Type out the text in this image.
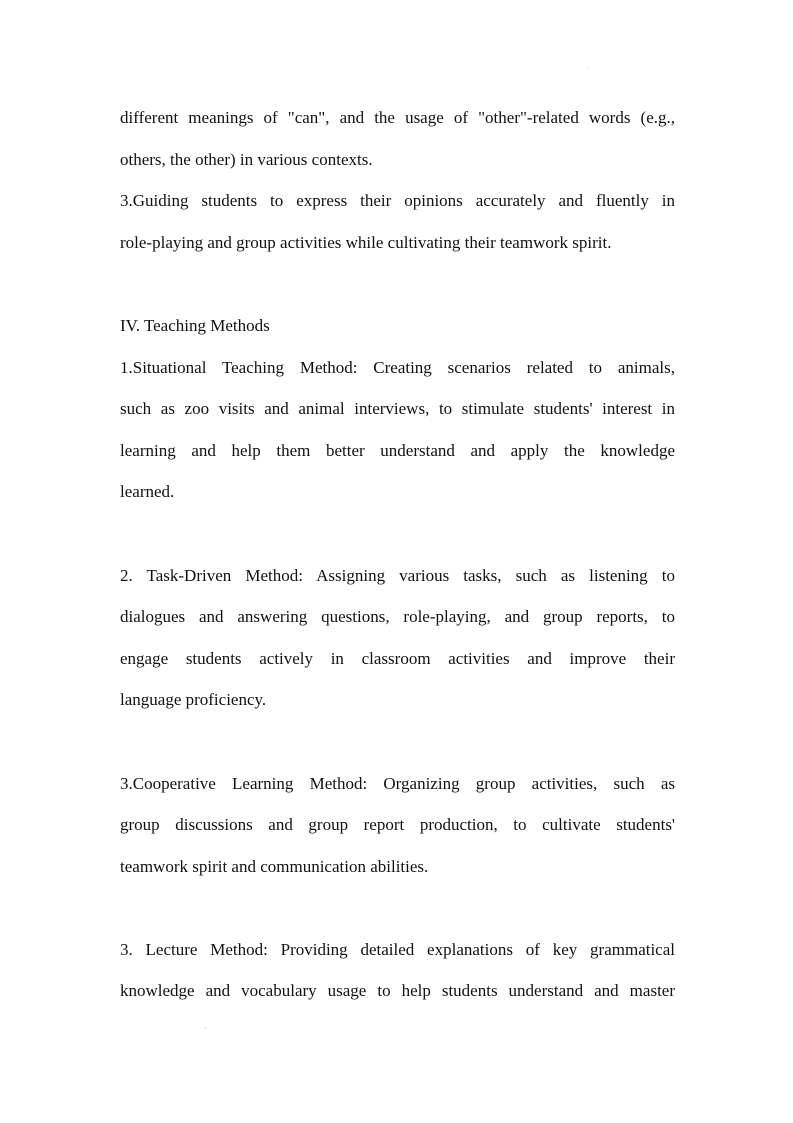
different meanings of "can", and the usage of "other"-related words (e.g.,

others, the other) in various contexts.

3.Guiding students to express their opinions accurately and fluently in

role-playing and group activities while cultivating their teamwork spirit.

IV. Teaching Methods

1.Situational Teaching Method: Creating scenarios related to animals,

such as zoo visits and animal interviews, to stimulate students' interest in

learning and help them better understand and apply the knowledge

learned.

2. Task-Driven Method: Assigning various tasks, such as listening to

dialogues and answering questions, role-playing, and group reports, to

engage students actively in classroom activities and improve their

language proficiency.

3.Cooperative Learning Method: Organizing group activities, such as

group discussions and group report production, to cultivate students'

teamwork spirit and communication abilities.

3. Lecture Method: Providing detailed explanations of key grammatical

knowledge and vocabulary usage to help students understand and master
